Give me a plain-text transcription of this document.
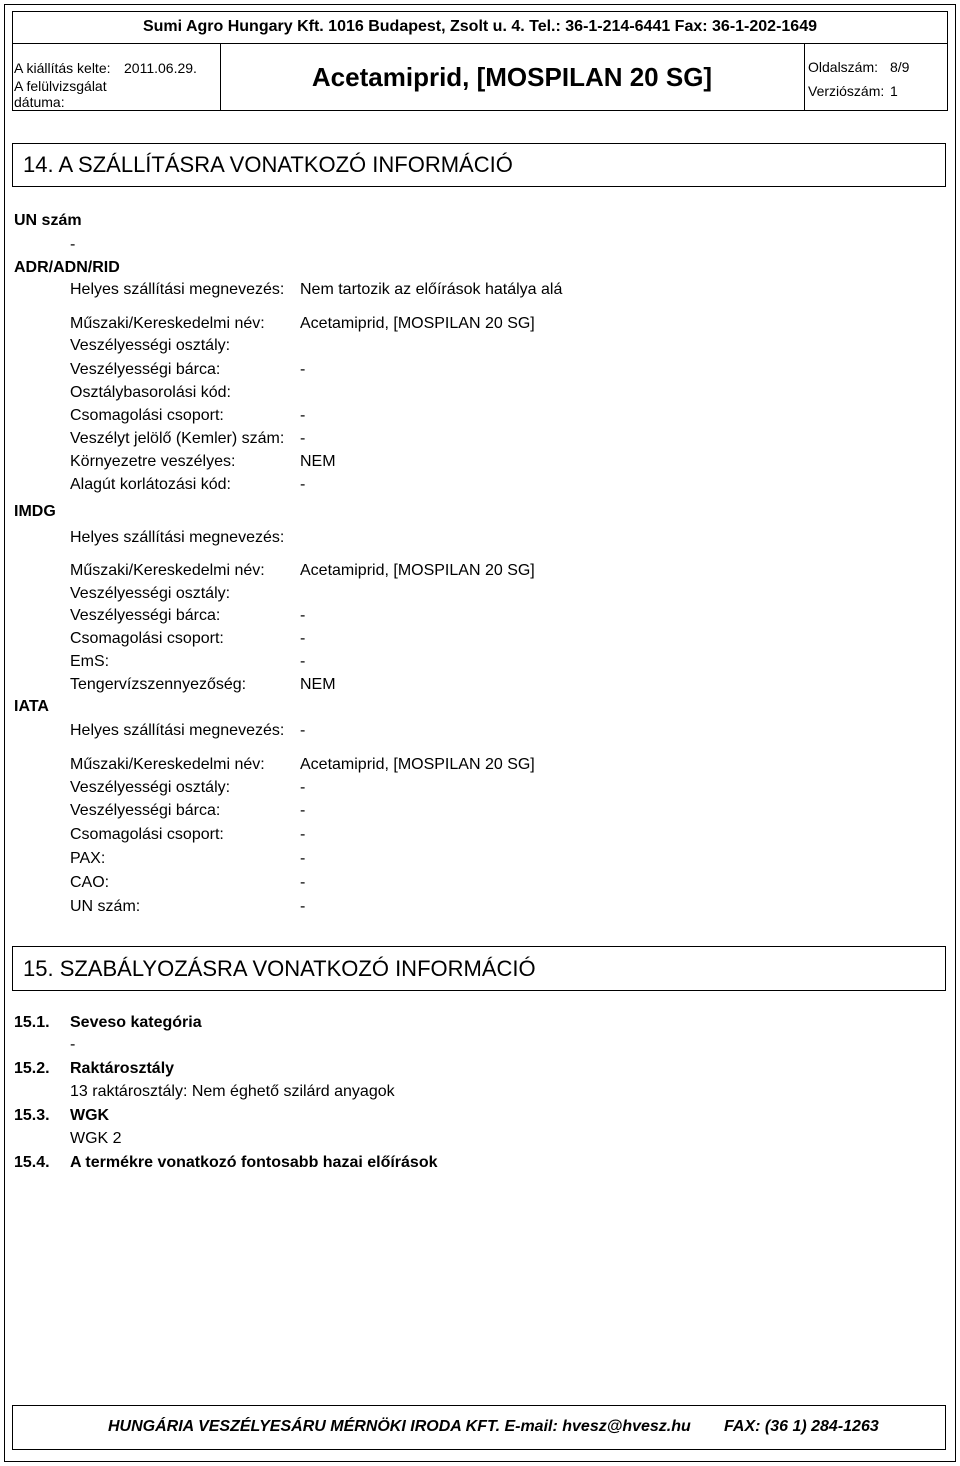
Sumi Agro Hungary Kft. 1016 Budapest, Zsolt u. 4. Tel.: 36-1-214-6441 Fax: 36-1-202-1649
A kiállítás kelte: 2011.06.29.
A felülvizsgálat
dátuma:
Acetamiprid, [MOSPILAN 20 SG]	Oldalszám: 8/9
Verziószám: 1
14. A SZÁLLÍTÁSRA VONATKOZÓ INFORMÁCIÓ
UN szám
-
ADR/ADN/RID
Helyes szállítási megnevezés: Nem tartozik az előírások hatálya alá
Műszaki/Kereskedelmi név: Acetamiprid, [MOSPILAN 20 SG]
Veszélyességi osztály:
Veszélyességi bárca:	-
Osztálybasorolási kód:
Csomagolási csoport:	-
Veszélyt jelölő (Kemler) szám: -
Környezetre veszélyes:	NEM
Alagút korlátozási kód:	-
IMDG
Helyes szállítási megnevezés:
Műszaki/Kereskedelmi név: Acetamiprid, [MOSPILAN 20 SG]
Veszélyességi osztály:
Veszélyességi bárca:	-
Csomagolási csoport:	-
EmS:	-
Tengervízszennyezőség:	NEM
IATA
Helyes szállítási megnevezés: -
Műszaki/Kereskedelmi név: Acetamiprid, [MOSPILAN 20 SG]
Veszélyességi osztály:	-
Veszélyességi bárca:	-
Csomagolási csoport:	-
PAX:	-
CAO:	-
UN szám:	-
15. SZABÁLYOZÁSRA VONATKOZÓ INFORMÁCIÓ
15.1. Seveso kategória
-
15.2. Raktárosztály
13 raktárosztály: Nem éghető szilárd anyagok
15.3. WGK
WGK 2
15.4. A termékre vonatkozó fontosabb hazai előírások
HUNGÁRIA VESZÉLYESÁRU MÉRNÖKI IRODA KFT. E-mail: hvesz@hvesz.hu FAX: (36 1) 284-1263
